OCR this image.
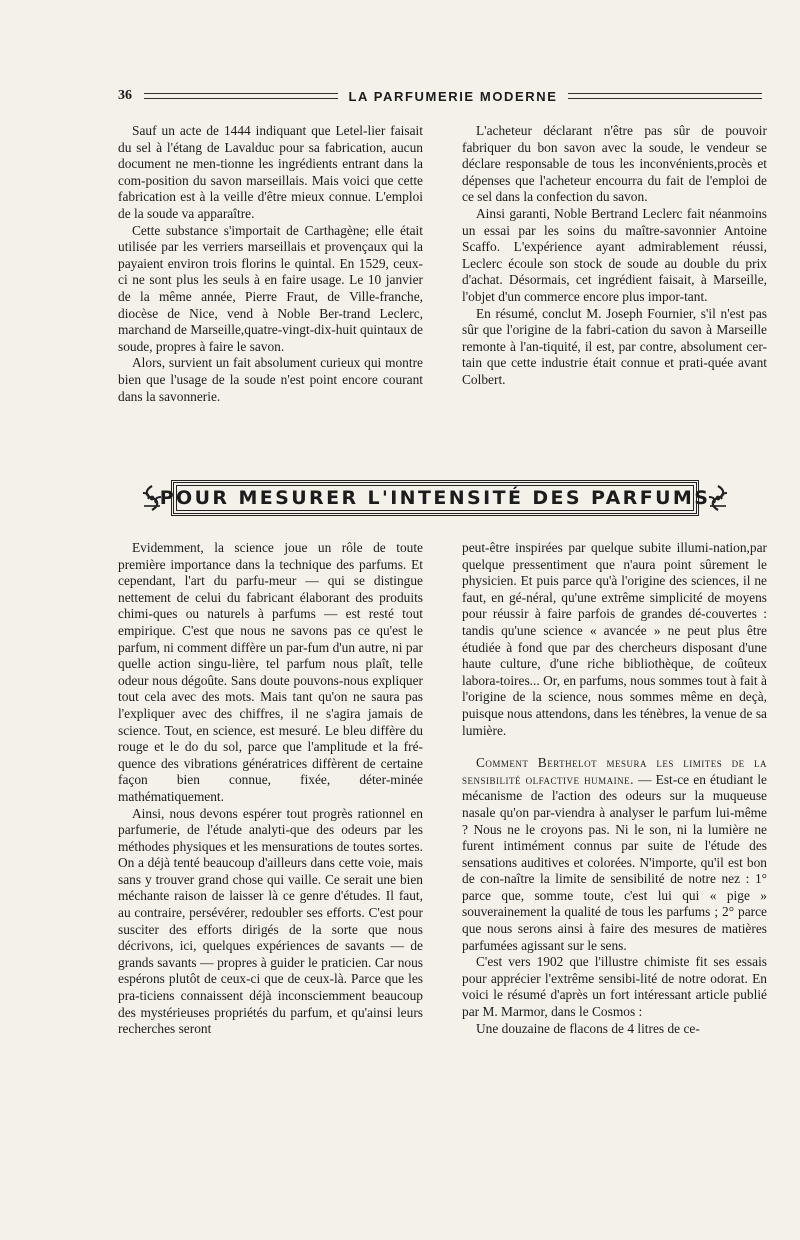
36	LA PARFUMERIE MODERNE

Sauf un acte de 1444 indiquant que Letel-lier faisait du sel à l'étang de Lavalduc pour sa fabrication, aucun document ne men-tionne les ingrédients entrant dans la com-position du savon marseillais. Mais voici que cette fabrication est à la veille d'être mieux connue. L'emploi de la soude va apparaître.

Cette substance s'importait de Carthagène; elle était utilisée par les verriers marseillais et provençaux qui la payaient environ trois florins le quintal. En 1529, ceux-ci ne sont plus les seuls à en faire usage. Le 10 janvier de la même année, Pierre Fraut, de Ville-franche, diocèse de Nice, vend à Noble Ber-trand Leclerc, marchand de Marseille,quatre-vingt-dix-huit quintaux de soude, propres à faire le savon.

Alors, survient un fait absolument curieux qui montre bien que l'usage de la soude n'est point encore courant dans la savonnerie.

L'acheteur déclarant n'être pas sûr de pouvoir fabriquer du bon savon avec la soude, le vendeur se déclare responsable de tous les inconvénients,procès et dépenses que l'acheteur encourra du fait de l'emploi de ce sel dans la confection du savon.

Ainsi garanti, Noble Bertrand Leclerc fait néanmoins un essai par les soins du maître-savonnier Antoine Scaffo. L'expérience ayant admirablement réussi, Leclerc écoule son stock de soude au double du prix d'achat. Désormais, cet ingrédient faisait, à Marseille, l'objet d'un commerce encore plus impor-tant.

En résumé, conclut M. Joseph Fournier, s'il n'est pas sûr que l'origine de la fabri-cation du savon à Marseille remonte à l'an-tiquité, il est, par contre, absolument cer-tain que cette industrie était connue et prati-quée avant Colbert.

POUR MESURER L'INTENSITÉ DES PARFUMS

Evidemment, la science joue un rôle de toute première importance dans la technique des parfums. Et cependant, l'art du parfu-meur — qui se distingue nettement de celui du fabricant élaborant des produits chimi-ques ou naturels à parfums — est resté tout empirique. C'est que nous ne savons pas ce qu'est le parfum, ni comment diffère un par-fum d'un autre, ni par quelle action singu-lière, tel parfum nous plaît, telle odeur nous dégoûte. Sans doute pouvons-nous expliquer tout cela avec des mots. Mais tant qu'on ne saura pas l'expliquer avec des chiffres, il ne s'agira jamais de science. Tout, en science, est mesuré. Le bleu diffère du rouge et le do du sol, parce que l'amplitude et la fré-quence des vibrations génératrices diffèrent de certaine façon bien connue, fixée, déter-minée mathématiquement.

Ainsi, nous devons espérer tout progrès rationnel en parfumerie, de l'étude analyti-que des odeurs par les méthodes physiques et les mensurations de toutes sortes. On a déjà tenté beaucoup d'ailleurs dans cette voie, mais sans y trouver grand chose qui vaille. Ce serait une bien méchante raison de laisser là ce genre d'études. Il faut, au contraire, persévérer, redoubler ses efforts. C'est pour susciter des efforts dirigés de la sorte que nous décrivons, ici, quelques expériences de savants — de grands savants — propres à guider le praticien. Car nous espérons plutôt de ceux-ci que de ceux-là. Parce que les pra-ticiens connaissent déjà inconsciemment beaucoup des mystérieuses propriétés du parfum, et qu'ainsi leurs recherches seront

peut-être inspirées par quelque subite illumi-nation,par quelque pressentiment que n'aura point sûrement le physicien. Et puis parce qu'à l'origine des sciences, il ne faut, en gé-néral, qu'une extrême simplicité de moyens pour réussir à faire parfois de grandes dé-couvertes : tandis qu'une science « avancée » ne peut plus être étudiée à fond que par des chercheurs disposant d'une haute culture, d'une riche bibliothèque, de coûteux labora-toires... Or, en parfums, nous sommes tout à fait à l'origine de la science, nous sommes même en deçà, puisque nous attendons, dans les ténèbres, la venue de sa lumière.

Comment Berthelot mesura les limites de la sensibilité olfactive humaine. — Est-ce en étudiant le mécanisme de l'action des odeurs sur la muqueuse nasale qu'on par-viendra à analyser le parfum lui-même ? Nous ne le croyons pas. Ni le son, ni la lumière ne furent intimément connus par suite de l'étude des sensations auditives et colorées. N'importe, qu'il est bon de con-naître la limite de sensibilité de notre nez : 1° parce que, somme toute, c'est lui qui « pige » souverainement la qualité de tous les parfums ; 2° parce que nous serons ainsi à faire des mesures de matières parfumées agissant sur le sens.

C'est vers 1902 que l'illustre chimiste fit ses essais pour apprécier l'extrême sensibi-lité de notre odorat. En voici le résumé d'après un fort intéressant article publié par M. Marmor, dans le Cosmos :

Une douzaine de flacons de 4 litres de ce-
